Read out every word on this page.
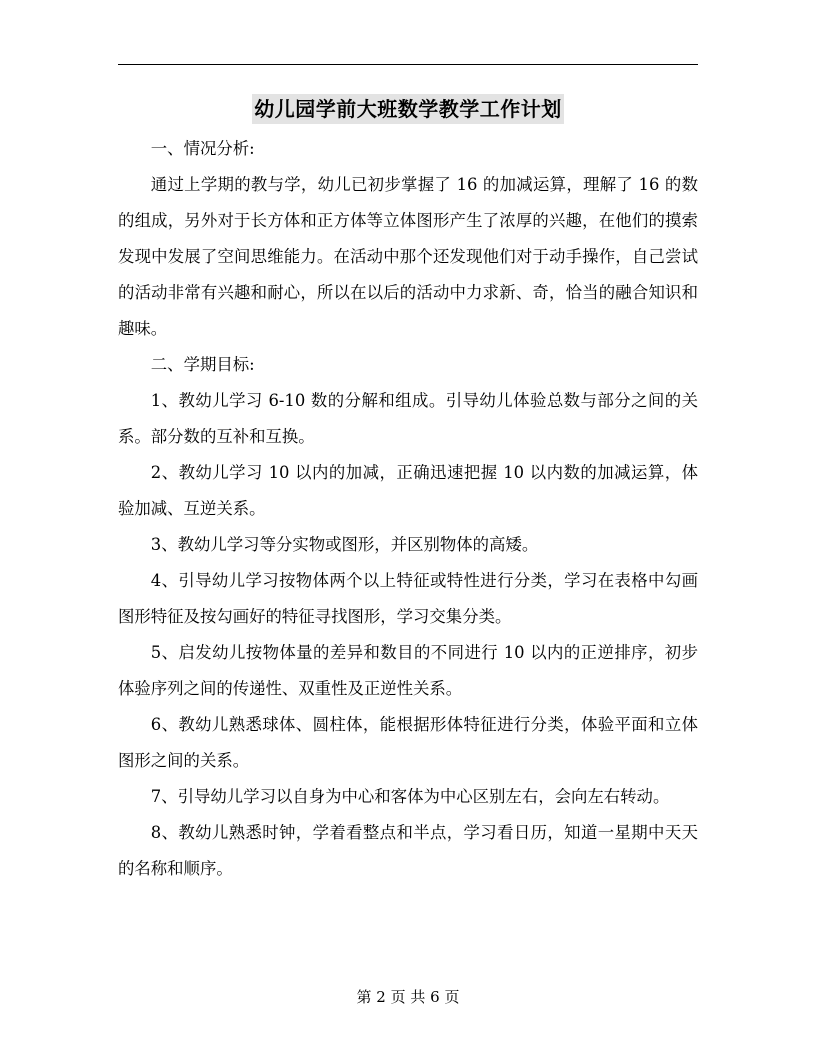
幼儿园学前大班数学教学工作计划

一、情况分析:

通过上学期的教与学，幼儿已初步掌握了 16 的加减运算，理解了 16 的数的组成，另外对于长方体和正方体等立体图形产生了浓厚的兴趣，在他们的摸索发现中发展了空间思维能力。在活动中那个还发现他们对于动手操作，自己尝试的活动非常有兴趣和耐心，所以在以后的活动中力求新、奇，恰当的融合知识和趣味。

二、学期目标:

1、教幼儿学习 6-10 数的分解和组成。引导幼儿体验总数与部分之间的关系。部分数的互补和互换。

2、教幼儿学习 10 以内的加减，正确迅速把握 10 以内数的加减运算，体验加减、互逆关系。

3、教幼儿学习等分实物或图形，并区别物体的高矮。

4、引导幼儿学习按物体两个以上特征或特性进行分类，学习在表格中勾画图形特征及按勾画好的特征寻找图形，学习交集分类。

5、启发幼儿按物体量的差异和数目的不同进行 10 以内的正逆排序，初步体验序列之间的传递性、双重性及正逆性关系。

6、教幼儿熟悉球体、圆柱体，能根据形体特征进行分类，体验平面和立体图形之间的关系。

7、引导幼儿学习以自身为中心和客体为中心区别左右，会向左右转动。

8、教幼儿熟悉时钟，学着看整点和半点，学习看日历，知道一星期中天天的名称和顺序。

第 2 页 共 6 页
